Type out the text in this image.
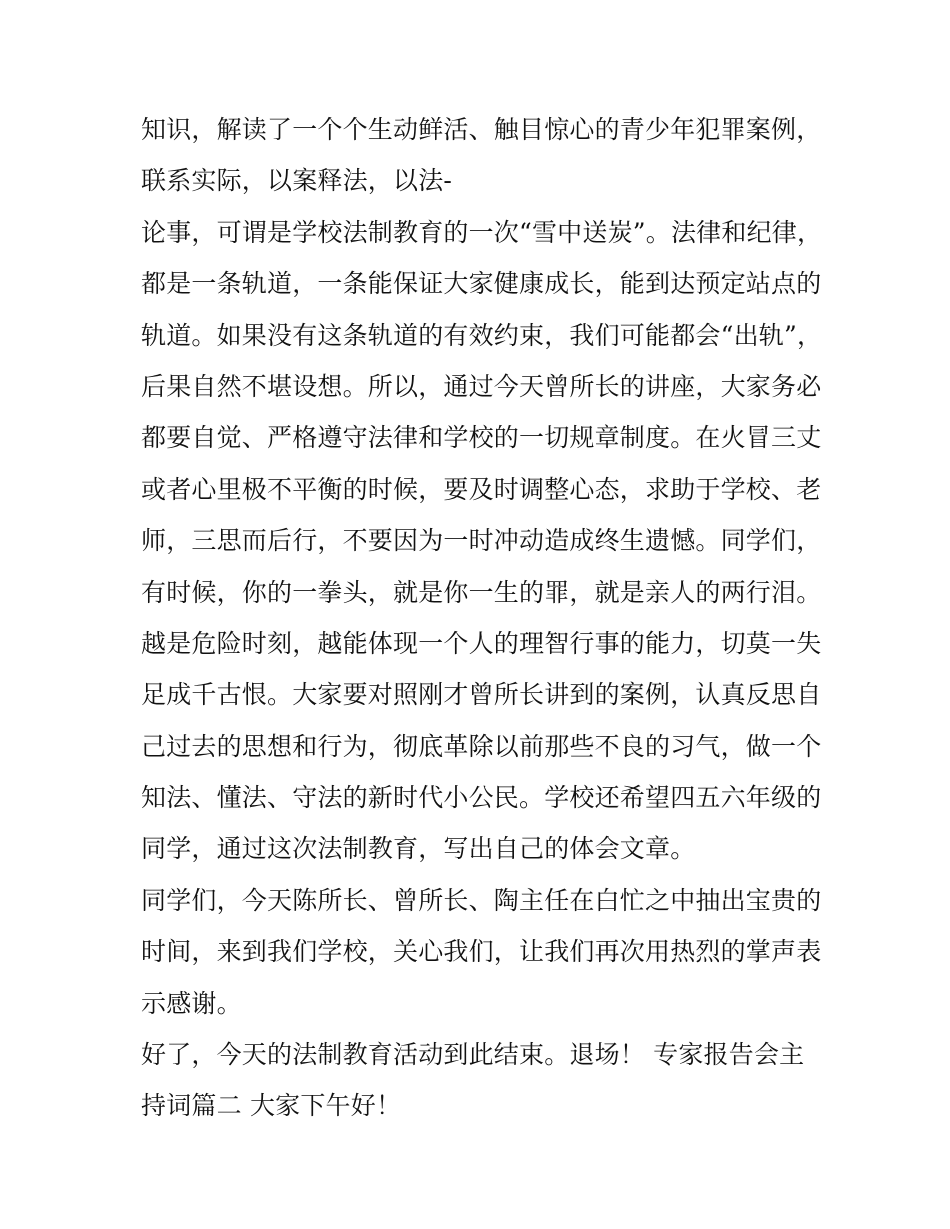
知识，解读了一个个生动鲜活、触目惊心的青少年犯罪案例，
联系实际，以案释法，以法-
论事，可谓是学校法制教育的一次“雪中送炭”。法律和纪律，
都是一条轨道，一条能保证大家健康成长，能到达预定站点的
轨道。如果没有这条轨道的有效约束，我们可能都会“出轨”，
后果自然不堪设想。所以，通过今天曾所长的讲座，大家务必
都要自觉、严格遵守法律和学校的一切规章制度。在火冒三丈
或者心里极不平衡的时候，要及时调整心态，求助于学校、老
师，三思而后行，不要因为一时冲动造成终生遗憾。同学们，
有时候，你的一拳头，就是你一生的罪，就是亲人的两行泪。
越是危险时刻，越能体现一个人的理智行事的能力，切莫一失
足成千古恨。大家要对照刚才曾所长讲到的案例，认真反思自
己过去的思想和行为，彻底革除以前那些不良的习气，做一个
知法、懂法、守法的新时代小公民。学校还希望四五六年级的
同学，通过这次法制教育，写出自己的体会文章。
同学们，今天陈所长、曾所长、陶主任在白忙之中抽出宝贵的
时间，来到我们学校，关心我们，让我们再次用热烈的掌声表
示感谢。
好了，今天的法制教育活动到此结束。退场！ 专家报告会主
持词篇二 大家下午好！
